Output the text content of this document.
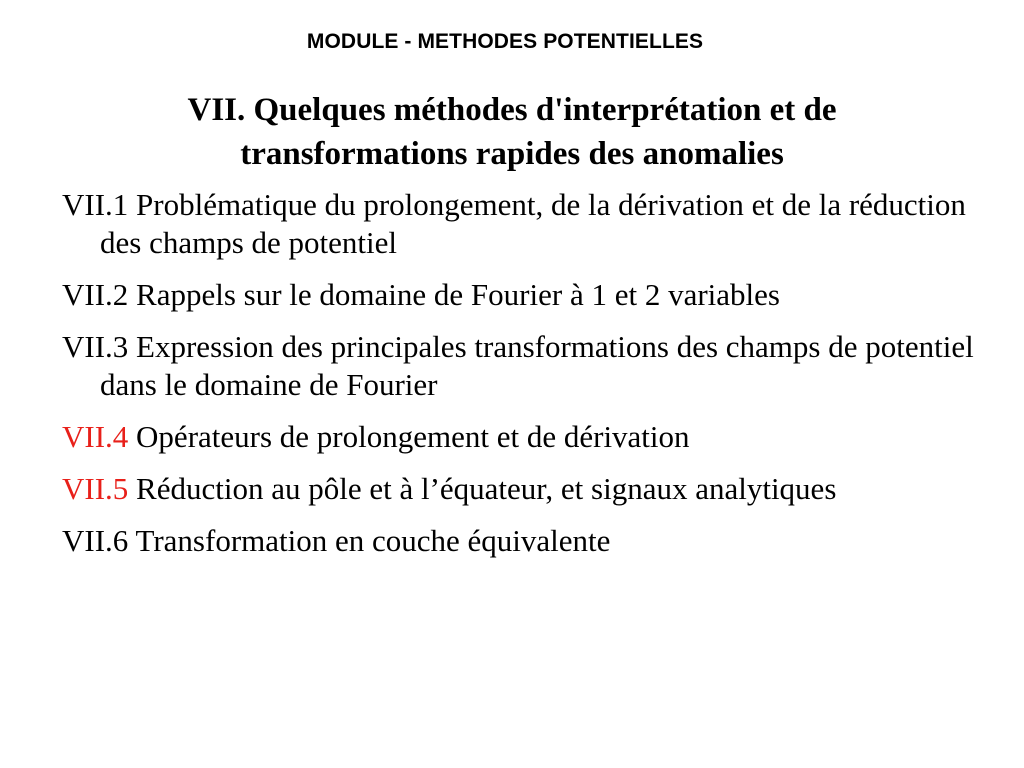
MODULE - METHODES POTENTIELLES
VII. Quelques méthodes d'interprétation et de
transformations rapides des anomalies
VII.1 Problématique du prolongement, de la dérivation et de la réduction des champs de potentiel
VII.2 Rappels sur le domaine de Fourier à 1 et 2 variables
VII.3 Expression des principales transformations des champs de potentiel dans le domaine de Fourier
VII.4 Opérateurs de prolongement et de dérivation
VII.5 Réduction au pôle et à l’équateur, et signaux analytiques
VII.6 Transformation en couche équivalente
